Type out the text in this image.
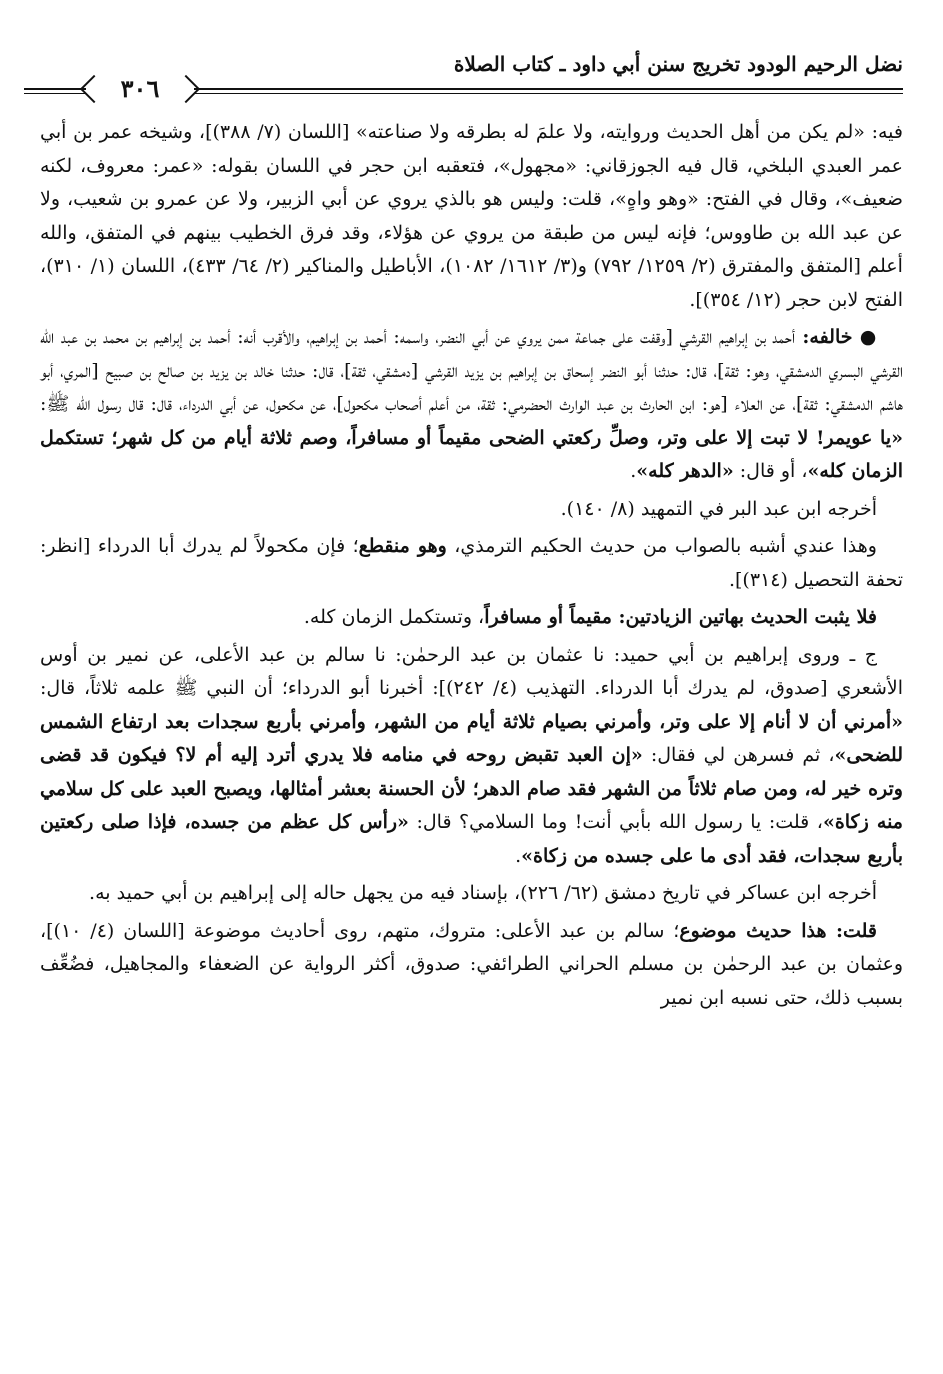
نضل الرحيم الودود تخريج سنن أبي داود ـ كتاب الصلاة
٣٠٦

فيه: «لم يكن من أهل الحديث وروايته، ولا علمَ له بطرقه ولا صناعته» [اللسان (٧/ ٣٨٨)]، وشيخه عمر بن أبي عمر العبدي البلخي، قال فيه الجوزقاني: «مجهول»، فتعقبه ابن حجر في اللسان بقوله: «عمر: معروف، لكنه ضعيف»، وقال في الفتح: «وهو واهٍ»، قلت: وليس هو بالذي يروي عن أبي الزبير، ولا عن عمرو بن شعيب، ولا عن عبد الله بن طاووس؛ فإنه ليس من طبقة من يروي عن هؤلاء، وقد فرق الخطيب بينهم في المتفق، والله أعلم [المتفق والمفترق (٢/ ١٢٥٩/ ٧٩٢) و(٣/ ١٦١٢/ ١٠٨٢)، الأباطيل والمناكير (٢/ ٦٤/ ٤٣٣)، اللسان (١/ ٣١٠)، الفتح لابن حجر (١٢/ ٣٥٤)].

● خالفه: أحمد بن إبراهيم القرشي [وقفت على جماعة ممن يروي عن أبي النضر، واسمه: أحمد بن إبراهيم، والأقرب أنه: أحمد بن إبراهيم بن محمد بن عبد الله القرشي البسري الدمشقي، وهو: ثقة]، قال: حدثنا أبو النضر إسحاق بن إبراهيم بن يزيد القرشي [دمشقي، ثقة]، قال: حدثنا خالد بن يزيد بن صالح بن صبيح [المري، أبو هاشم الدمشقي: ثقة]، عن العلاء [هو: ابن الحارث بن عبد الوارث الحضرمي: ثقة، من أعلم أصحاب مكحول]، عن مكحول، عن أبي الدرداء، قال: قال رسول الله ﷺ: «يا عويمر! لا تبت إلا على وتر، وصلِّ ركعتي الضحى مقيماً أو مسافراً، وصم ثلاثة أيام من كل شهر؛ تستكمل الزمان كله»، أو قال: «الدهر كله».

أخرجه ابن عبد البر في التمهيد (٨/ ١٤٠).

وهذا عندي أشبه بالصواب من حديث الحكيم الترمذي، وهو منقطع؛ فإن مكحولاً لم يدرك أبا الدرداء [انظر: تحفة التحصيل (٣١٤)].

فلا يثبت الحديث بهاتين الزيادتين: مقيماً أو مسافراً، وتستكمل الزمان كله.

ج ـ وروى إبراهيم بن أبي حميد: نا عثمان بن عبد الرحمٰن: نا سالم بن عبد الأعلى، عن نمير بن أوس الأشعري [صدوق، لم يدرك أبا الدرداء. التهذيب (٤/ ٢٤٢)]: أخبرنا أبو الدرداء؛ أن النبي ﷺ علمه ثلاثاً، قال: «أمرني أن لا أنام إلا على وتر، وأمرني بصيام ثلاثة أيام من الشهر، وأمرني بأربع سجدات بعد ارتفاع الشمس للضحى»، ثم فسرهن لي فقال: «إن العبد تقبض روحه في منامه فلا يدري أترد إليه أم لا؟ فيكون قد قضى وتره خير له، ومن صام ثلاثاً من الشهر فقد صام الدهر؛ لأن الحسنة بعشر أمثالها، ويصبح العبد على كل سلامي منه زكاة»، قلت: يا رسول الله بأبي أنت! وما السلامي؟ قال: «رأس كل عظم من جسده، فإذا صلى ركعتين بأربع سجدات، فقد أدى ما على جسده من زكاة».

أخرجه ابن عساكر في تاريخ دمشق (٦٢/ ٢٢٦)، بإسناد فيه من يجهل حاله إلى إبراهيم بن أبي حميد به.

قلت: هذا حديث موضوع؛ سالم بن عبد الأعلى: متروك، متهم، روى أحاديث موضوعة [اللسان (٤/ ١٠)]، وعثمان بن عبد الرحمٰن بن مسلم الحراني الطرائفي: صدوق، أكثر الرواية عن الضعفاء والمجاهيل، فضُعِّف بسبب ذلك، حتى نسبه ابن نمير
